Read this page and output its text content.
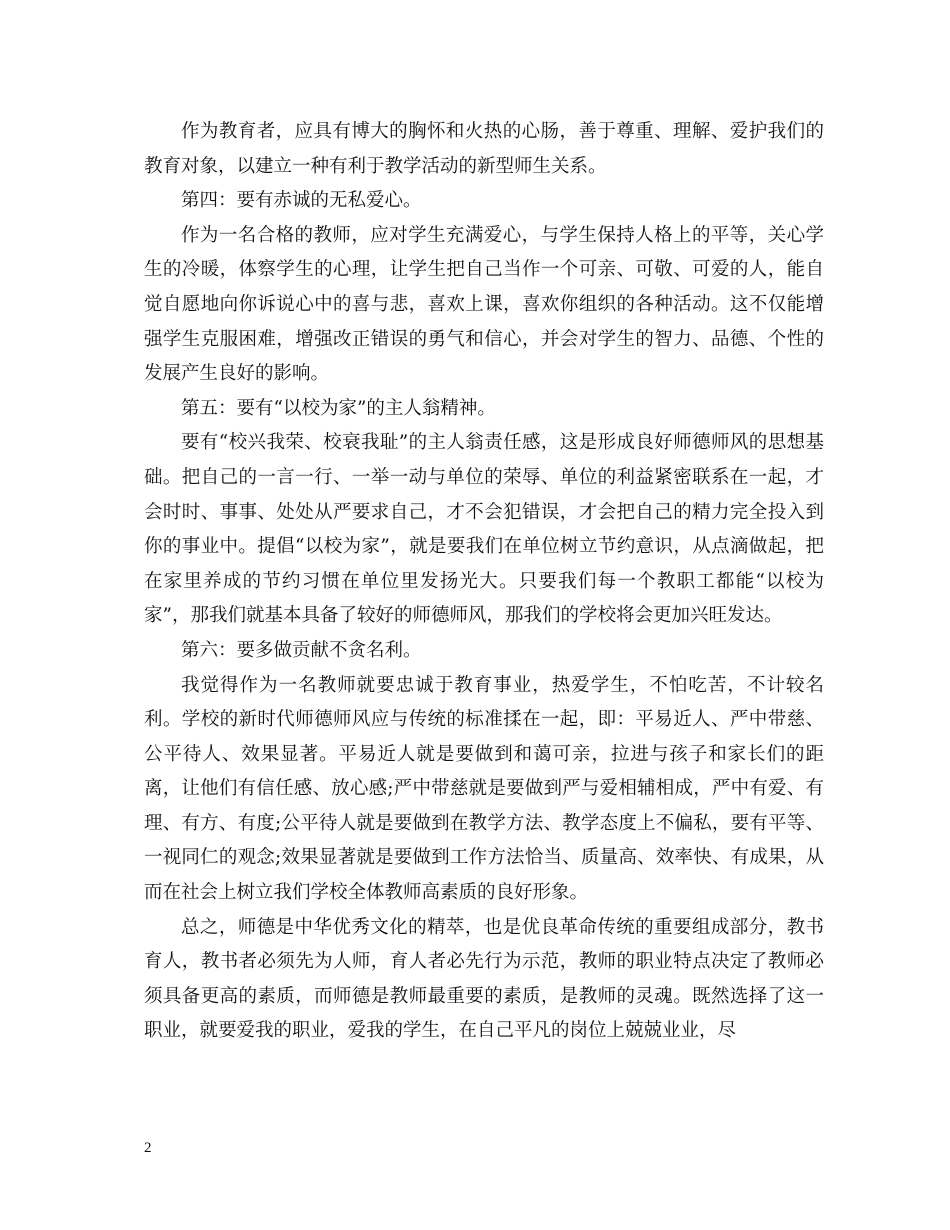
作为教育者，应具有博大的胸怀和火热的心肠，善于尊重、理解、爱护我们的教育对象，以建立一种有利于教学活动的新型师生关系。

第四：要有赤诚的无私爱心。

作为一名合格的教师，应对学生充满爱心，与学生保持人格上的平等，关心学生的冷暖，体察学生的心理，让学生把自己当作一个可亲、可敬、可爱的人，能自觉自愿地向你诉说心中的喜与悲，喜欢上课，喜欢你组织的各种活动。这不仅能增强学生克服困难，增强改正错误的勇气和信心，并会对学生的智力、品德、个性的发展产生良好的影响。

第五：要有“以校为家”的主人翁精神。

要有“校兴我荣、校衰我耻”的主人翁责任感，这是形成良好师德师风的思想基础。把自己的一言一行、一举一动与单位的荣辱、单位的利益紧密联系在一起，才会时时、事事、处处从严要求自己，才不会犯错误，才会把自己的精力完全投入到你的事业中。提倡“以校为家”，就是要我们在单位树立节约意识，从点滴做起，把在家里养成的节约习惯在单位里发扬光大。只要我们每一个教职工都能“以校为家”，那我们就基本具备了较好的师德师风，那我们的学校将会更加兴旺发达。

第六：要多做贡献不贪名利。

我觉得作为一名教师就要忠诚于教育事业，热爱学生，不怕吃苦，不计较名利。学校的新时代师德师风应与传统的标准揉在一起，即：平易近人、严中带慈、公平待人、效果显著。平易近人就是要做到和蔼可亲，拉进与孩子和家长们的距离，让他们有信任感、放心感;严中带慈就是要做到严与爱相辅相成，严中有爱、有理、有方、有度;公平待人就是要做到在教学方法、教学态度上不偏私，要有平等、一视同仁的观念;效果显著就是要做到工作方法恰当、质量高、效率快、有成果，从而在社会上树立我们学校全体教师高素质的良好形象。

总之，师德是中华优秀文化的精萃，也是优良革命传统的重要组成部分，教书育人，教书者必须先为人师，育人者必先行为示范，教师的职业特点决定了教师必须具备更高的素质，而师德是教师最重要的素质，是教师的灵魂。既然选择了这一职业，就要爱我的职业，爱我的学生，在自己平凡的岗位上兢兢业业，尽

2
